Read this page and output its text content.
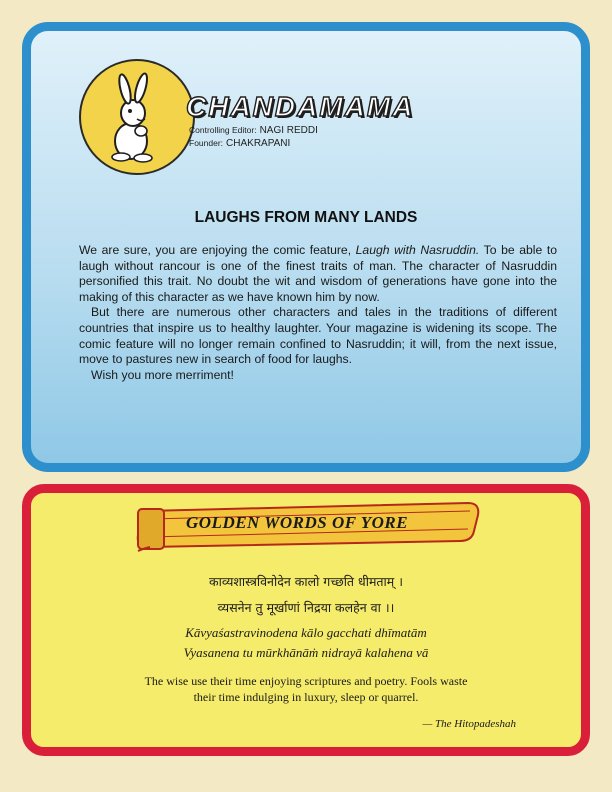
CHANDAMAMA
Controlling Editor: NAGI REDDI
Founder: CHAKRAPANI
LAUGHS FROM MANY LANDS

We are sure, you are enjoying the comic feature, Laugh with Nasruddin. To be able to laugh without rancour is one of the finest traits of man. The character of Nasruddin personified this trait. No doubt the wit and wisdom of generations have gone into the making of this character as we have known him by now.

But there are numerous other characters and tales in the traditions of different countries that inspire us to healthy laughter. Your magazine is widening its scope. The comic feature will no longer remain confined to Nasruddin; it will, from the next issue, move to pastures new in search of food for laughs.

Wish you more merriment!

GOLDEN WORDS OF YORE
काव्यशास्त्रविनोदेन कालो गच्छति धीमताम् ।
व्यसनेन तु मूर्खाणां निद्रया कलहेन वा ।।
Kāvyaśastravinodena kālo gacchati dhīmatām
Vyasanena tu mūrkhānāṁ nidrayā kalahena vā
The wise use their time enjoying scriptures and poetry. Fools waste
their time indulging in luxury, sleep or quarrel.
— The Hitopadeshah
